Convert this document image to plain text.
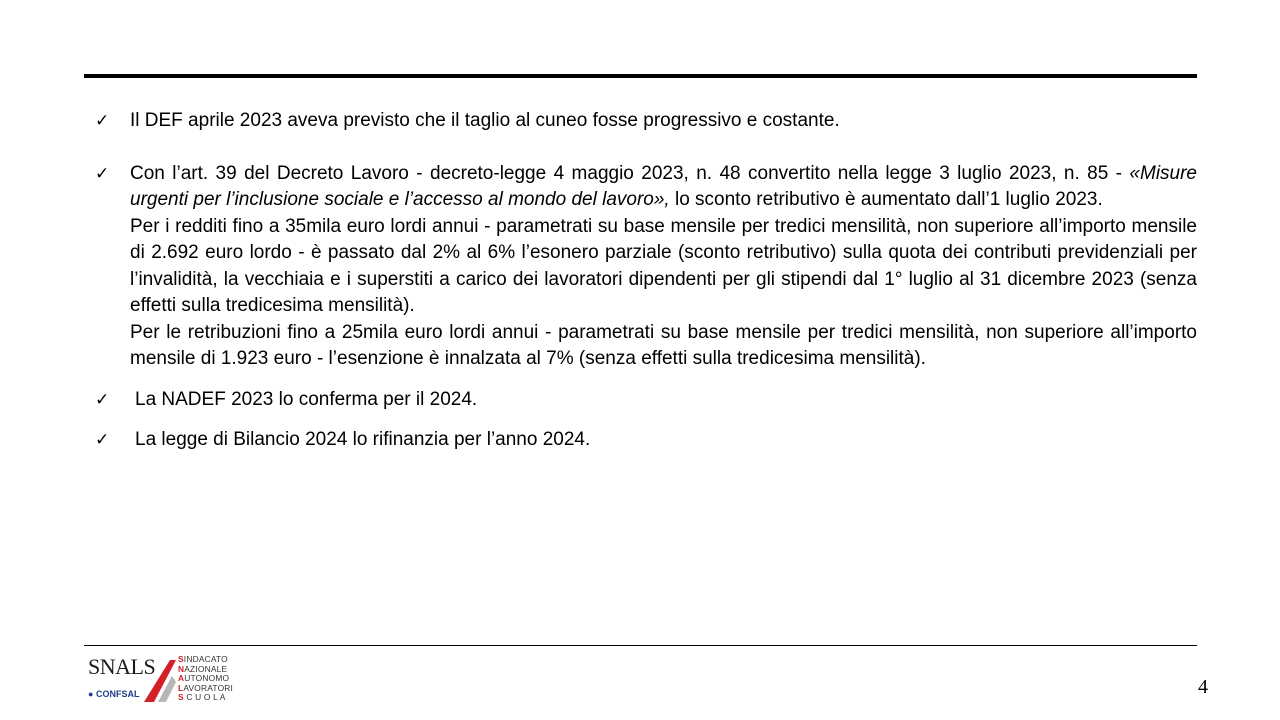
✓ Il DEF aprile 2023 aveva previsto che il taglio al cuneo fosse progressivo e costante.

✓ Con l’art. 39 del Decreto Lavoro - decreto-legge 4 maggio 2023, n. 48 convertito nella legge 3 luglio 2023, n. 85 - «Misure urgenti per l’inclusione sociale e l’accesso al mondo del lavoro», lo sconto retributivo è aumentato dall’1 luglio 2023.

Per i redditi fino a 35mila euro lordi annui - parametrati su base mensile per tredici mensilità, non superiore all’importo mensile di 2.692 euro lordo - è passato dal 2% al 6% l’esonero parziale (sconto retributivo) sulla quota dei contributi previdenziali per l’invalidità, la vecchiaia e i superstiti a carico dei lavoratori dipendenti per gli stipendi dal 1° luglio al 31 dicembre 2023 (senza effetti sulla tredicesima mensilità).

Per le retribuzioni fino a 25mila euro lordi annui - parametrati su base mensile per tredici mensilità, non superiore all’importo mensile di 1.923 euro - l’esenzione è innalzata al 7% (senza effetti sulla tredicesima mensilità).

✓ La NADEF 2023 lo conferma per il 2024.

✓ La legge di Bilancio 2024 lo rifinanzia per l’anno 2024.

SNALS
● CONFSAL
SINDACATO
NAZIONALE
AUTONOMO
LAVORATORI
S C U O L A	4
